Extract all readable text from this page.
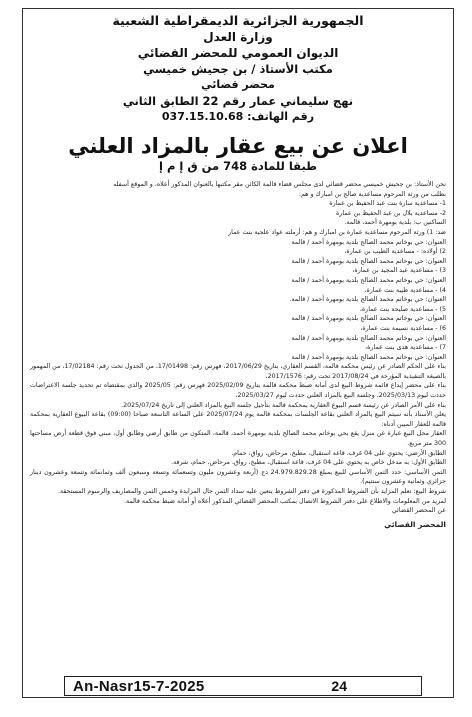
الجمهورية الجزائرية الديمقراطية الشعبية
وزارة العدل
الديوان العمومي للمحضر القضائي
مكتب الأستاذ / بن جحيش خميسي
محضر قضائي
نهج سليماني عمار رقم 22 الطابق الثاني
رقم الهاتف: 037.15.10.68
اعلان عن بيع عقار بالمزاد العلني
طبقا للمادة 748 من ق إ م إ

نحن الأستاذ: بن جحيش خميسي محضر قضائي لدى مجلس قضاء قالمة الكائن مقر مكتبها بالعنوان المذكور أعلاه، و الموقع أسفله

بطلب من ورثة المرحوم مساعدية صالح بن امبارك و هم:

1- مساعدية سارة بنت عبد الحفيظ بن عمارة

2- مساعدية بلال بن عبد الحفيظ بن عمارة

الساكنين ب: بلدية بومهرة أحمد، قالمة.

ضد: 1) ورثة المرحوم مساعدية عمارة بن امبارك و هم: أرملته عواد علجية بنت عمار

العنوان: حي بوخاتم محمد الصالح بلدية بومهرة أحمد / قالمة

2) أولاده: - مساعدية الطيب بن عمارة،

العنوان: حي بوخاتم محمد الصالح بلدية بومهرة أحمد / قالمة

3) - مساعدية عبد المجيد بن عمارة،

العنوان: حي بوخاتم محمد الصالح بلدية بومهرة أحمد / قالمة

4) - مساعدية طيبة بنت عمارة،

العنوان: حي بوخاتم محمد الصالح بلدية بومهرة أحمد / قالمة.

5) - مساعدية صليحة بنت عمارة،

العنوان: حي بوخاتم محمد الصالح بلدية بومهرة أحمد / قالمة

6) - مساعدية نسيمة بنت عمارة،

العنوان: حي بوخاتم محمد الصالح بلدية بومهرة أحمد / قالمة

7) - مساعدية هدى بنت عمارة،

العنوان: حي بوخاتم محمد الصالح بلدية بومهرة أحمد / قالمة

بناء على الحكم الصادر عن رئيس محكمة قالمة، القسم العقاري، بتاريخ 2017/06/29، فهرس رقم: 17/01498، من الجدول تحت رقم: 17/02184، من المهمور بالصيغة التنفيذية المؤرخة في 2017/08/24 تحت رقم: 2017/1576،

بناء على محضر إيداع قائمة شروط البيع لدى أمانة ضبط محكمة قالمة بتاريخ 2025/02/09 فهرس رقم: 2025/05 والذي بمقتضاه تم تحديد جلسة الاعتراضات حددت ليوم 2025/03/13، وجلسة البيع بالمزاد العلني حددت ليوم 2025/03/27،

بناء على الأمر الصادر عن رئيسة قسم البيوع العقارية بمحكمة قالمة بتأجيل جلسة البيع بالمزاد العلني إلى تاريخ 2025/07/24.

يعلن الأستاذ بأنه سيتم البيع بالمزاد العلني بقاعة الجلسات بمحكمة قالمة يوم 2025/07/24 على الساعة التاسعة صباحا (09:00) بقاعة البيوع العقارية بمحكمة قالمة للعقار المبين أدناه:

العقار محل البيع عبارة عن منزل يقع بحي بوخاتم محمد الصالح بلدية بومهرة أحمد، قالمة، المتكون من طابق أرضي وطابق أول، مبني فوق قطعة أرض مساحتها 300 متر مربع.

الطابق الأرضي: يحتوي على 04 غرف، قاعة استقبال، مطبخ، مرحاض، رواق، حمام.

الطابق الأول: به مدخل خاص به يحتوي على 04 غرف، قاعة استقبال، مطبخ، رواق، مرحاض، حمام، شرفة.

الثمن الأساسي: حدد الثمن الأساسي للبيع بمبلغ 24.979.829.28 دج (أربعة وعشرون مليون وتسعمائة وتسعة وسبعون ألف وثمانمائة وتسعة وعشرون دينار جزائري وثمانية وعشرون سنتيم).

شروط البيع: تعلم المزايد بأن الشروط المذكورة في دفتر الشروط يتعين عليه سداد الثمن حال المزايدة وخمس الثمن والمصاريف والرسوم المستحقة.

لمزيد من المعلومات والاطلاع على دفتر الشروط الاتصال بمكتب المحضر القضائي المذكور أعلاه أو أمانة ضبط محكمة قالمة.

عن المحضر القضائي

المحضر القضائي

An-Nasr15-7-2025	24
